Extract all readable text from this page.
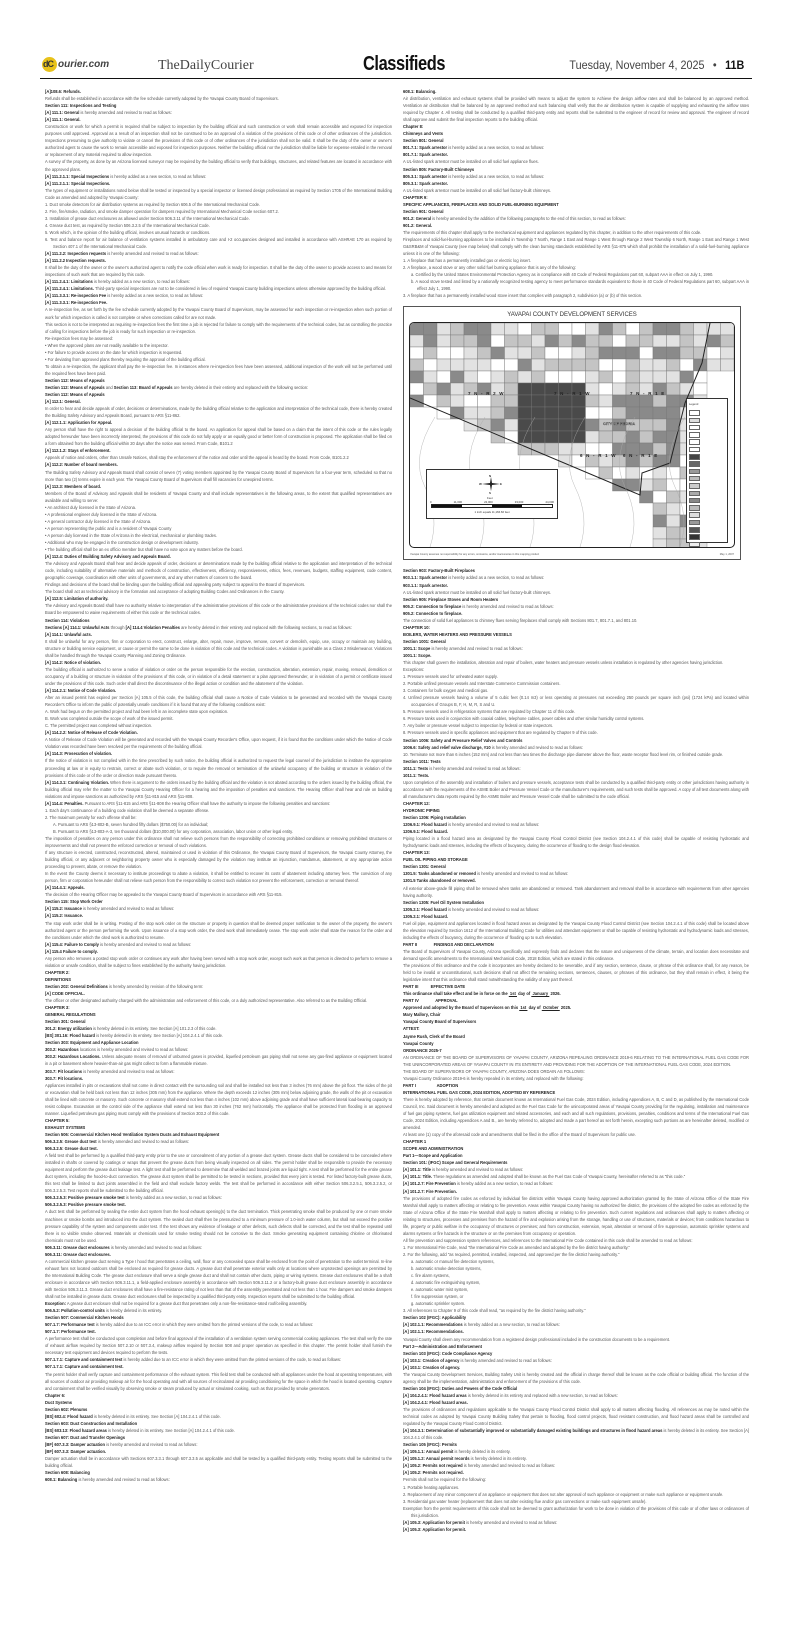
dC ourier.com	TheDailyCourier	Classifieds	Tuesday, November 4, 2025 • 11B

[A]108.6: Refunds.

Refunds shall be established in accordance with the fee schedule currently adopted by the Yavapai County Board of Supervisors.

Section 111: Inspections and Testing

[A] 111.1: General is hereby amended and revised to read as follows:

[A] 111.1: General.

Construction or work for which a permit is required shall be subject to inspection by the building official and such construction or work shall remain accessible and exposed for inspection purposes until approved. Approval as a result of an inspection shall not be construed to be an approval of a violation of the provisions of this code or of other ordinances of the jurisdiction. Inspections presuming to give authority to violate or cancel the provisions of this code or of other ordinances of the jurisdiction shall not be valid. It shall be the duty of the owner or owner's authorized agent to cause the work to remain accessible and exposed for inspection purposes. Neither the building official nor the jurisdiction shall be liable for expense entailed in the removal or replacement of any material required to allow inspection.

A survey of the property, as done by an Arizona licensed surveyor may be required by the building official to verify that buildings, structures, and related features are located in accordance with the approved plans.

[A] 111.2.1.1: Special Inspections is hereby added as a new section, to read as follows:

[A] 111.2.1.1: Special Inspections.

The types of equipment or installations noted below shall be tested or inspected by a special inspector or licensed design professional as required by Section 1705 of the International Building Code as amended and adopted by Yavapai County:

1. Duct smoke detectors for air distribution systems as required by Section 606.5 of the International Mechanical Code.

2. Fire, fire/smoke, radiation, and smoke damper operation for dampers required by International Mechanical Code section 607.2.

3. Installation of grease duct enclosures as allowed under Section 506.3.11 of the International Mechanical Code.

4. Grease duct test, as required by Section 506.3.2.5 of the International Mechanical Code.

5. Work which, in the opinion of the building official, involves unusual hazards or conditions.

6. Test and balance report for air balance of ventilation systems installed in ambulatory care and I-2 occupancies designed and installed in accordance with ASHRAE 170 as required by Section 407.1 of the International Mechanical Code.

[A] 111.2.2: Inspection requests is hereby amended and revised to read as follows:

[A] 111.2.2 Inspection requests.

It shall be the duty of the owner or the owner's authorized agent to notify the code official when work is ready for inspection. It shall be the duty of the owner to provide access to and means for inspections of such work that are required by this code.

[A] 111.2.4.1: Limitations is hereby added as a new section, to read as follows:

[A] 111.2.4.1: Limitations. Third-party special inspections are not to be considered in lieu of required Yavapai County building inspections unless otherwise approved by the building official.

[A] 111.3.3.1: Re-inspection Fee is hereby added as a new section, to read as follows:

[A] 111.3.3.1: Re-inspection Fee.

A re-inspection fee, as set forth by the fee schedule currently adopted by the Yavapai County Board of Supervisors, may be assessed for each inspection or re-inspection when such portion of work for which inspection is called is not complete or when corrections called for are not made.

This section is not to be interpreted as requiring re-inspection fees the first time a job is rejected for failure to comply with the requirements of the technical codes, but as controlling the practice of calling for inspections before the job is ready for such inspection or re-inspection.

Re-inspection fees may be assessed:

• When the approved plans are not readily available to the inspector.

• For failure to provide access on the date for which inspection is requested.

• For deviating from approved plans thereby requiring the approval of the building official.

To obtain a re-inspection, the applicant shall pay the re-inspection fee. In instances where re-inspection fees have been assessed, additional inspection of the work will not be performed until the required fees have been paid.

Section 112: Means of Appeals

Section 112: Means of Appeals and Section 113: Board of Appeals are hereby deleted in their entirety and replaced with the following section:

Section 112: Means of Appeals

[A] 112.1: General.

In order to hear and decide appeals of order, decisions or determinations, made by the building official relative to the application and interpretation of the technical code, there is hereby created the Building Safety Advisory and Appeals Board, pursuant to ARS §11-862.

[A] 112.1.1: Application for Appeal.

Any person shall have the right to appeal a decision of the building official to the board. An application for appeal shall be based on a claim that the intent of this code or the rules legally adopted hereunder have been incorrectly interpreted, the provisions of this code do not fully apply or an equally good or better form of construction is proposed. The application shall be filed on a form obtained from the building official within 20 days after the notice was served. From Code, B101.2

[A] 112.1.2: Stays of enforcement.

Appeals of notice and orders, other than Unsafe Notices, shall stay the enforcement of the notice and order until the appeal is heard by the board. From Code, B101.2.2

[A] 112.2: Number of board members.

The Building Safety Advisory and Appeals Board shall consist of seven (7) voting members appointed by the Yavapai County Board of Supervisors for a four-year term, scheduled so that no more than two (2) terms expire in each year. The Yavapai County Board of Supervisors shall fill vacancies for unexpired terms.

[A] 112.3: Members of board.

Members of the Board of Advisory and Appeals shall be residents of Yavapai County and shall include representatives in the following areas, to the extent that qualified representatives are available and willing to serve:

• An architect duly licensed in the State of Arizona.

• A professional engineer duly licensed in the State of Arizona.

• A general contractor duly licensed in the State of Arizona.

• A person representing the public and is a resident of Yavapai County

• A person duly licensed in the State of Arizona in the electrical, mechanical or plumbing trades.

• Additional who may be engaged in the construction design or development industry.

• The building official shall be an ex officio member but shall have no vote upon any matters before the board.

[A] 112.4: Duties of Building Safety Advisory and Appeals Board.

The Advisory and Appeals Board shall hear and decide appeals of order, decisions or determinations made by the building official relative to the application and interpretation of the technical code, including suitability of alternative materials and methods of construction, effectiveness, efficiency, responsiveness, ethics, fees, revenues, budgets, staffing equipment, code content, geographic coverage, coordination with other units of governments, and any other matters of concern to the board.

Findings and decisions of the board shall be binding upon the building official and appealing party subject to appeal to the Board of Supervisors.

The board shall act as technical advisory in the formation and acceptance of adopting Building Codes and Ordinances in the County.

[A] 112.5: Limitation of authority.

The Advisory and Appeals Board shall have no authority relative to interpretation of the administrative provisions of this code or the administrative provisions of the technical codes nor shall the Board be empowered to waive requirements of either this code or the technical codes.

Section 114: Violations

Sections [A] 114.1: Unlawful Acts through [A] 114.4 Violation Penalties are hereby deleted in their entirety and replaced with the following sections, to read as follows:

[A] 114.1: Unlawful acts.

It shall be unlawful for any person, firm or corporation to erect, construct, enlarge, alter, repair, move, improve, remove, convert or demolish, equip, use, occupy or maintain any building, structure or building service equipment, or cause or permit the same to be done in violation of this code and the technical codes. A violation is punishable as a Class 2 Misdemeanor. Violations shall be handled through the Yavapai County Planning and Zoning Ordinance.

[A] 114.2: Notice of violation.

The building official is authorized to serve a notice of violation or order on the person responsible for the erection, construction, alteration, extension, repair, moving, removal, demolition or occupancy of a building or structure in violation of the provisions of this code, or in violation of a detail statement or a plan approved thereunder, or in violation of a permit or certificate issued under the provisions of this code. Such order shall direct the discontinuance of the illegal action or condition and the abatement of the violation.

[A] 114.2.1: Notice of Code Violation.

After an issued permit has expired per Section [A] 105.5 of this code, the building official shall cause a Notice of Code Violation to be generated and recorded with the Yavapai County Recorder's Office to inform the public of potentially unsafe conditions if it is found that any of the following conditions exist:

A. Work had begun on the permitted project and had been left in an incomplete state upon expiration.

B. Work was completed outside the scope of work of the issued permit.

C. The permitted project was completed without inspection.

[A] 114.2.2: Notice of Release of Code Violation.

A Notice of Release of Code Violation will be generated and recorded with the Yavapai County Recorder's Office, upon request, if it is found that the conditions under which the Notice of Code Violation was recorded have been resolved per the requirements of the building official.

[A] 114.3: Prosecution of violation.

If the notice of violation is not complied with in the time prescribed by such notice, the building official is authorized to request the legal counsel of the jurisdiction to institute the appropriate proceeding at law or in equity to restrain, correct or abate such violation, or to require the removal or termination of the unlawful occupancy of the building or structure in violation of the provisions of this code or of the order or direction made pursuant thereto.

[A] 114.3.1: Continuing Violation. When there is argument to the orders issued by the building official and the violation is not abated according to the orders issued by the building official, the building official may refer the matter to the Yavapai County Hearing Officer for a hearing and the imposition of penalties and sanctions. The Hearing Officer shall hear and rule on building violations and impose sanctions as authorized by ARS §11-815 and ARS §11-808.

[A] 114.4: Penalties. Pursuant to ARS §11-815 and ARS §11-808 the Hearing Officer shall have the authority to impose the following penalties and sanctions:

1. Each day's continuance of a building code violation shall be deemed a separate offense.

2. The maximum penalty for each offense shall be:

A. Pursuant to ARS §13-802-B, seven hundred fifty dollars ($750.00) for an individual;

B. Pursuant to ARS §13-803-A-3, ten thousand dollars ($10,000.00) for any corporation, association, labor union or other legal entity.

The imposition of penalties on any person under this ordinance shall not relieve such persons from the responsibility of correcting prohibited conditions or removing prohibited structures or improvements and shall not prevent the enforced correction or removal of such violations.

If any structure is erected, constructed, reconstructed, altered, maintained or used in violation of this Ordinance, the Yavapai County Board of Supervisors, the Yavapai County Attorney, the building official, or any adjacent or neighboring property owner who is especially damaged by the violation may institute an injunction, mandamus, abatement, or any appropriate action proceeding to prevent, abate, or remove the violation.

In the event the County deems it necessary to institute proceedings to abate a violation, it shall be entitled to recover its costs of abatement including attorney fees. The conviction of any person, firm or corporation hereunder shall not relieve such person from the responsibility to correct such violation nor prevent the enforcement, correction or removal thereof.

[A] 114.4.1: Appeals.

The decision of the Hearing Officer may be appealed to the Yavapai County Board of Supervisors in accordance with ARS §11-815.

Section 115: Stop Work Order

[A] 115.2: Issuance is hereby amended and revised to read as follows:

[A] 115.2: Issuance.

The stop work order shall be in writing. Posting of the stop work order on the structure or property in question shall be deemed proper notification to the owner of the property, the owner's authorized agent or the person performing the work. Upon issuance of a stop work order, the cited work shall immediately cease. The stop work order shall state the reason for the order and the conditions under which the cited work is authorized to resume.

[A] 115.4: Failure to Comply is hereby amended and revised to read as follows:

[A] 115.4 Failure to comply.

Any person who removes a posted stop work order or continues any work after having been served with a stop work order, except such work as that person is directed to perform to remove a violation or unsafe condition, shall be subject to fines established by the authority having jurisdiction.

CHAPTER 2:

DEFINITIONS

Section 202: General Definitions is hereby amended by revision of the following term:

[A] CODE OFFICIAL.

The officer or other designated authority charged with the administration and enforcement of this code, or a duly authorized representative. Also referred to as the Building Official.

CHAPTER 3:

GENERAL REGULATIONS

Section 301: General

301.2: Energy utilization is hereby deleted in its entirety. See Section [A] 101.2.3 of this code.

[BS] 301.16: Flood hazard is hereby deleted in its entirety. See Section [A] 104.2.4.1 of this code.

Section 303: Equipment and Appliance Location

303.2: Hazardous locations is hereby amended and revised to read as follows:

303.2: Hazardous Locations. Unless adequate means of removal of unburned gases is provided, liquefied petroleum gas piping shall not serve any gas-fired appliance or equipment located in a pit or basement where heavier-than-air gas might collect to form a flammable mixture.

303.7: Pit locations is hereby amended and revised to read as follows:

303.7: Pit locations.

Appliances installed in pits or excavations shall not come in direct contact with the surrounding soil and shall be installed not less than 3 inches (76 mm) above the pit floor. The sides of the pit or excavation shall be held back not less than 12 inches (305 mm) from the appliance. Where the depth exceeds 12 inches (305 mm) below adjoining grade, the walls of the pit or excavation shall be lined with concrete or masonry. Such concrete or masonry shall extend not less than 4 inches (102 mm) above adjoining grade and shall have sufficient lateral load-bearing capacity to resist collapse. Excavation on the control side of the appliance shall extend not less than 30 inches (762 mm) horizontally. The appliance shall be protected from flooding in an approved manner. Liquefied petroleum gas piping must comply with the provisions of Section 303.2 of this code.

CHAPTER 5:

EXHAUST SYSTEMS

Section 506: Commercial Kitchen Hood Ventilation System Ducts and Exhaust Equipment

506.3.2.5: Grease duct test is hereby amended and revised to read as follows:

506.3.2.5: Grease duct test.

A field test shall be performed by a qualified third-party entity prior to the use or concealment of any portion of a grease duct system. Grease ducts shall be considered to be concealed where installed in shafts or covered by coatings or wraps that prevent the grease ducts from being visually inspected on all sides. The permit holder shall be responsible to provide the necessary equipment and perform the grease duct leakage test. A light test shall be performed to determine that all welded and brazed joints are liquid tight. A test shall be performed for the entire grease duct system, including the hood-to-duct connection. The grease duct system shall be permitted to be tested in sections, provided that every joint is tested. For listed factory-built grease ducts, this test shall be limited to duct joints assembled in the field and shall exclude factory welds. The test shall be performed in accordance with either Section 506.3.2.5.1, 506.3.2.5.2, or 506.3.2.5.3. Test reports shall be submitted to the building official.

506.3.2.5.3: Positive pressure smoke test is hereby added as a new section, to read as follows:

506.3.2.5.3: Positive pressure smoke test.

A duct test shall be performed by sealing the entire duct system from the hood exhaust opening(s) to the duct termination. Thick penetrating smoke shall be produced by one or more smoke machines or smoke bombs and introduced into the duct system. The sealed duct shall then be pressurized to a minimum pressure of 1.0-inch water column, but shall not exceed the positive pressure capability of the system and components under test. If the test shows any evidence of leakage or other defects, such defects shall be corrected, and the test shall be repeated until there is no visible smoke observed. Materials or chemicals used for smoke testing should not be corrosive to the duct. Smoke generating equipment containing chlorine or chlorinated chemicals must not be used.

506.3.11: Grease duct enclosures is hereby amended and revised to read as follows:

506.3.11: Grease duct enclosures.

A commercial kitchen grease duct serving a Type I hood that penetrates a ceiling, wall, floor or any concealed space shall be enclosed from the point of penetration to the outlet terminal. In-line exhaust fans not located outdoors shall be enclosed as required for grease ducts. A grease duct shall penetrate exterior walls only at locations where unprotected openings are permitted by the International Building Code. The grease duct enclosure shall serve a single grease duct and shall not contain other ducts, piping or wiring systems. Grease duct enclosures shall be a shaft enclosure in accordance with Section 506.3.11.1, a field-applied enclosure assembly in accordance with Section 506.3.11.2 or a factory-built grease duct enclosure assembly in accordance with Section 506.3.11.3. Grease duct enclosures shall have a fire-resistance rating of not less than that of the assembly penetrated and not less than 1 hour. Fire dampers and smoke dampers shall not be installed in grease ducts. Grease duct enclosures shall be inspected by a qualified third-party entity. Inspection reports shall be submitted to the building official.

Exception: A grease duct enclosure shall not be required for a grease duct that penetrates only a non-fire-resistance-rated roof/ceiling assembly.

506.5.2: Pollution-control units is hereby deleted in its entirety.

Section 507: Commercial Kitchen Hoods

507.1.7: Performance test is hereby added due to an ICC error in which they were omitted from the printed versions of the code, to read as follows:

507.1.7: Performance test.

A performance test shall be conducted upon completion and before final approval of the installation of a ventilation system serving commercial cooking appliances. The test shall verify the rate of exhaust airflow required by Section 507.2.10 or 507.3.4, makeup airflow required by Section 508 and proper operation as specified in this chapter. The permit holder shall furnish the necessary test equipment and devices required to perform the tests.

507.1.7.1: Capture and containment test is hereby added due to an ICC error in which they were omitted from the printed versions of the code, to read as follows:

507.1.7.1: Capture and containment test.

The permit holder shall verify capture and containment performance of the exhaust system. This field test shall be conducted with all appliances under the hood at operating temperatures, with all sources of outdoor air providing makeup air for the hood operating and with all sources of recirculated air providing conditioning for the space in which the hood is located operating. Capture and containment shall be verified visually by observing smoke or steam produced by actual or simulated cooking, such as that provided by smoke generators.

Chapter 6:

Duct Systems

Section 602: Plenums

[BS] 602.4: Flood hazard is hereby deleted in its entirety. See Section [A] 104.2.4.1 of this code.

Section 603: Duct Construction and Installation

[BS] 603.13: Flood hazard areas is hereby deleted in its entirety. See Section [A] 104.2.4.1 of this code.

Section 607: Duct and Transfer Openings

[BF] 607.3.3: Damper actuation is hereby amended and revised to read as follows:

[BF] 607.3.3: Damper actuation.

Damper actuation shall be in accordance with Sections 607.3.3.1 through 607.3.3.5 as applicable and shall be tested by a qualified third-party entity. Testing reports shall be submitted to the building official.

Section 608: Balancing

608.1: Balancing is hereby amended and revised to read as follows:

608.1: Balancing.

Air distribution, ventilation and exhaust systems shall be provided with means to adjust the system to Achieve the design airflow rates and shall be balanced by an approved method. Ventilation air distribution shall be balanced by an approved method and such balancing shall verify that the air distribution system is capable of supplying and exhausting the airflow rates required by Chapter 4. All testing shall be conducted by a qualified third-party entity and reports shall be submitted to the engineer of record for review and approval. The engineer of record shall approve and submit the final inspection reports to the building official.

Chapter 8:

Chimneys and Vents

Section 801: General

801.7.1: Spark arrestor is hereby added as a new section, to read as follows:

801.7.1: Spark arrestor.

A UL-listed spark arrestor must be installed on all solid fuel appliance flues.

Section 805: Factory-Built Chimneys

805.3.1: Spark arrestor is hereby added as a new section, to read as follows:

805.3.1: Spark arrestor.

A UL-listed spark arrestor must be installed on all solid fuel factory-built chimneys.

CHAPTER 9:

SPECIFIC APPLIANCES, FIREPLACES AND SOLID FUEL-BURNING EQUIPMENT

Section 901: General

901.2: General is hereby amended by the addition of the following paragraphs to the end of this section, to read as follows:

901.2: General.

The requirements of this chapter shall apply to the mechanical equipment and appliances regulated by this chapter, in addition to the other requirements of this code.

Fireplaces and solid-fuel-burning appliances to be installed in Township 7 North, Range 1 East and Range 1 West through Range 2 West Township 6 North, Range 1 East and Range 1 West G&SRB&M of Yavapai County (see map below) shall comply with the clean burning standards established by ARS §11-875 which shall prohibit the installation of a solid-fuel-burning appliance unless it is one of the following:

1. A fireplace that has a permanently installed gas or electric log insert.

2. A fireplace, a wood stove or any other solid fuel burning appliance that is any of the following:

a. Certified by the United States Environmental Protection Agency as in compliance with 40 Code of Federal Regulations part 60, subpart AAA in effect on July 1, 1990.

b. A wood stove tested and listed by a nationally recognized testing agency to meet performance standards equivalent to those in 40 Code of Federal Regulations part 60, subpart AAA in effect July 1, 1990.

3. A fireplace that has a permanently installed wood stove insert that complies with paragraph 2, subdivision (a) or (b) of this section.

YAVAPAI COUNTY DEVELOPMENT SERVICES
7 N - R 2 W	7 N - R 1 W	7 N - R 1 E
6 N - R 1 W 6 N - R 1 E
CITY OF PEORIA
Legend
N
W	E
S
Feet
0	11,000	22,000	33,000	44,000
1 inch equals 11,166.66 feet
Yavapai County assumes no responsibility for any errors, omissions, and/or inaccuracies in this mapping product	May 1, 2007

Section 903: Factory-Built Fireplaces

903.1.1: Spark arrestor is hereby added as a new section, to read as follows:

903.1.1: Spark arrestor.

A UL-listed spark arrestor must be installed on all solid fuel factory-built chimneys.

Section 905: Fireplace Stoves and Room Heaters

905.2: Connection to fireplace is hereby amended and revised to read as follows:

905.2: Connection to fireplace.

The connection of solid fuel appliances to chimney flues serving fireplaces shall comply with Sections 801.7, 801.7.1, and 801.10.

CHAPTER 10:

BOILERS, WATER HEATERS AND PRESSURE VESSELS

Section 1001: General

1001.1: Scope is hereby amended and revised to read as follows:

1001.1: Scope.

This chapter shall govern the installation, alteration and repair of boilers, water heaters and pressure vessels unless installation is regulated by other agencies having jurisdiction.

Exceptions:

1. Pressure vessels used for unheated water supply.

2. Portable unfired pressure vessels and Interstate Commerce Commission containers.

3. Containers for bulk oxygen and medical gas.

4. Unfired pressure vessels having a volume of 5 cubic feet (0.14 m3) or less operating at pressures not exceeding 250 pounds per square inch (psi) (1724 kPa) and located within occupancies of Groups B, F, H, M, R, S and U.

5. Pressure vessels used in refrigeration systems that are regulated by Chapter 11 of this code.

6. Pressure tanks used in conjunction with coaxial cables, telephone cables, power cables and other similar humidity control systems.

7. Any boiler or pressure vessel subject to inspection by federal or state inspectors.

8. Pressure vessels used in specific appliances and equipment that are regulated by Chapter 9 of this code.

Section 1006: Safety and Pressure Relief Valves and Controls

1006.6: Safety and relief valve discharge, #10 is hereby amended and revised to read as follows:

10. Terminate not more than 6 inches (152 mm) and not less than two times the discharge pipe diameter above the floor, waste receptor flood level rim, or finished outside grade.

Section 1011: Tests

1011.1: Tests is hereby amended and revised to read as follows:

1011.1: Tests.

Upon completion of the assembly and installation of boilers and pressure vessels, acceptance tests shall be conducted by a qualified third-party entity or other jurisdictions having authority in accordance with the requirements of the ASME Boiler and Pressure Vessel Code or the manufacturer's requirements, and such tests shall be approved. A copy of all test documents along with all manufacturer's data reports required by the ASME Boiler and Pressure Vessel Code shall be submitted to the code official.

CHAPTER 12:

HYDRONIC PIPING

Section 1206: Piping Installation

1206.9.1: Flood hazard is hereby amended and revised to read as follows:

1206.9.1: Flood hazard.

Piping located in a flood hazard area as designated by the Yavapai County Flood Control District (see Section 104.2.4.1 of this code) shall be capable of resisting hydrostatic and hydrodynamic loads and stresses, including the effects of buoyancy, during the occurrence of flooding to the design flood elevation.

CHAPTER 13:

FUEL OIL PIPING AND STORAGE

Section 1301: General

1301.5: Tanks abandoned or removed is hereby amended and revised to read as follows:

1301.5 Tanks abandoned or removed.

All exterior above-grade fill piping shall be removed when tanks are abandoned or removed. Tank abandonment and removal shall be in accordance with requirements from other agencies having authority.

Section 1305: Fuel Oil System Installation

1305.2.1: Flood hazard is hereby amended and revised to read as follows:

1305.2.1: Flood hazard.

Fuel oil pipe, equipment and appliances located in flood hazard areas as designated by the Yavapai County Flood Control District (see Section 104.2.4.1 of this code) shall be located above the elevation required by Section 1612 of the International Building Code for utilities and attendant equipment or shall be capable of resisting hydrostatic and hydrodynamic loads and stresses, including the effects of buoyancy, during the occurrence of flooding up to such elevation.

PART II    FINDINGS AND DECLARATION

The Board of Supervisors of Yavapai County, Arizona specifically and expressly finds and declares that the nature and uniqueness of the climate, terrain, and location does necessitate and demand specific amendments to the International Mechanical Code, 2018 Edition, which are stated in this ordinance.

The provisions of this ordinance and the code it incorporates are hereby declared to be severable, and if any section, sentence, clause, or phrase of this ordinance shall, for any reason, be held to be invalid or unconstitutional, such decisions shall not affect the remaining sections, sentences, clauses, or phrases of this ordinance, but they shall remain in effect, it being the legislative intent that this ordinance shall stand notwithstanding the validity of any part thereof.

PART III   EFFECTIVE DATE

This ordinance shall take effect and be in force on the  1st  day of  January  2026.

PART IV    APPROVAL

Approved and adopted by the Board of Supervisors on this  1st  day of  October  2025.

Mary Mallory, Chair

Yavapai County Board of Supervisors

ATTEST:

Jayme Rush, Clerk of the Board

Yavapai County

ORDINANCE 2025-7

AN ORDINANCE OF THE BOARD OF SUPERVISORS OF YAVAPAI COUNTY, ARIZONA REPEALING ORDINANCE 2019-6 RELATING TO THE INTERNATIONAL FUEL GAS CODE FOR THE UNINCORPORATED AREAS OF YAVAPAI COUNTY IN ITS ENTIRETY AND PROVIDING FOR THE ADOPTION OF THE INTERNATIONAL FUEL GAS CODE, 2024 EDITION.

THE BOARD OF SUPERVISORS OF YAVAPAI COUNTY, ARIZONA DOES ORDAIN AS FOLLOWS:

Yavapai County Ordinance 2019-6 is hereby repealed in its entirety, and replaced with the following:

PART I     ADOPTION

INTERNATIONAL FUEL GAS CODE, 2024 EDITION, ADOPTED BY REFERENCE

There is hereby adopted by reference, that certain document known as International Fuel Gas Code, 2024 Edition, including Appendices A, B, C and D, as published by the International Code Council, Inc. Said document is hereby amended and adopted as the Fuel Gas Code for the unincorporated areas of Yavapai County providing for the regulating, installation and maintenance of fuel gas piping systems, fuel gas utilization equipment and related accessories, and each and all such regulations, provisions, penalties, conditions and terms of the International Fuel Gas Code, 2024 Edition, including Appendices A and B., are hereby referred to, adopted and made a part hereof as set forth herein, excepting such portions as are hereinafter deleted, modified or amended.

At least one (1) copy of the aforesaid code and amendments shall be filed in the office of the Board of Supervisors for public use.

CHAPTER 1

SCOPE AND ADMINISTRATION

Part 1—Scope and Application

Section 101: (IFGC) Scope and General Requirements

[A] 101.1: Title is hereby amended and revised to read as follows:

[A] 101.1: Title. These regulations as amended and adopted shall be known as the Fuel Gas Code of Yavapai County, hereinafter referred to as "this code."

[A] 101.2.7: Fire Prevention is hereby added as a new section, to read as follows:

[A] 101.2.7: Fire Prevention.

The provisions of adopted fire codes as enforced by individual fire districts within Yavapai County having approved authorization granted by the State of Arizona Office of the State Fire Marshal shall apply to matters affecting or relating to fire prevention. Areas within Yavapai County having no authorized fire district, the provisions of the adopted fire codes as enforced by the State of Arizona Office of the State Fire Marshall shall apply to matters affecting or relating to fire prevention. Such current regulations and ordinances shall apply to matters affecting or relating to structures, processes and premises from the hazard of fire and explosion arising from the storage, handling or use of structures, materials or devices; from conditions hazardous to life, property or public welfare in the occupancy of structures or premises; and from construction, extension, repair, alteration or removal of fire suppression, automatic sprinkler systems and alarms systems or fire hazards in the structure or on the premises from occupancy or operation.

All fire prevention and suppression system references, and references to the International Fire Code contained in this code shall be amended to read as follows:

1. For International Fire Code, read "the International Fire Code as amended and adopted by the fire district having authority."

2. For the following, add "as required, permitted, installed, inspected, and approved per the fire district having authority."

a. automatic or manual fire detection systems,

b. automatic smoke detection systems,

c. fire alarm systems,

d. automatic fire extinguishing system,

e. automatic water mist system,

f. fire suppression system, or

g. automatic sprinkler system.

3. All references to Chapter 9 of this code shall read, "as required by the fire district having authority."

Section 102 (IFGC): Applicability

[A] 102.1.1: Recommendations is hereby added as a new section, to read as follows:

[A] 102.1.1: Recommendations.

Yavapai County shall deem any recommendation from a registered design professional included in the construction documents to be a requirement.

Part 2—Administration and Enforcement

Section 103 (IFGC): Code Compliance Agency

[A] 103.1: Creation of agency is hereby amended and revised to read as follows:

[A] 103.1: Creation of agency.

The Yavapai County Development Services, Building Safety Unit is hereby created and the official in charge thereof shall be known as the code official or building official. The function of the agency shall be the implementation, administration and enforcement of the provisions of this code.

Section 104 (IFGC): Duties and Powers of the Code Official

[A] 104.2.4.1: Flood hazard areas is hereby deleted in its entirety and replaced with a new section, to read as follows:

[A] 104.2.4.1: Flood hazard areas.

The provisions of ordinances and regulations applicable to the Yavapai County Flood Control District shall apply to all matters affecting flooding. All references as may be noted within the technical codes as adopted by Yavapai County Building Safety that pertain to flooding, flood control projects, flood resistant construction, and flood hazard areas shall be controlled and regulated by the Yavapai County Flood Control District.

[A] 104.3.1: Determination of substantially improved or substantially damaged existing buildings and structures in flood hazard areas is hereby deleted in its entirety. See Section [A] 104.2.4.1 of this code.

Section 105 (IFGC): Permits

[A] 105.1.1: Annual permit is hereby deleted in its entirety.

[A] 105.1.2: Annual permit records is hereby deleted in its entirety.

[A] 105.2: Permits not required is hereby amended and revised to read as follows:

[A] 105.2: Permits not required.

Permits shall not be required for the following:

1. Portable heating appliances.

2. Replacement of any minor component of an appliance or equipment that does not alter approval of such appliance or equipment or make such appliance or equipment unsafe.

3. Residential gas water heater (replacement that does not alter existing flue and/or gas connections or make such equipment unsafe).

Exemption from the permit requirements of this code shall not be deemed to grant authorization for work to be done in violation of the provisions of this code or of other laws or ordinances of this jurisdiction.

[A] 105.3: Application for permit is hereby amended and revised to read as follows:

[A] 105.3: Application for permit.
